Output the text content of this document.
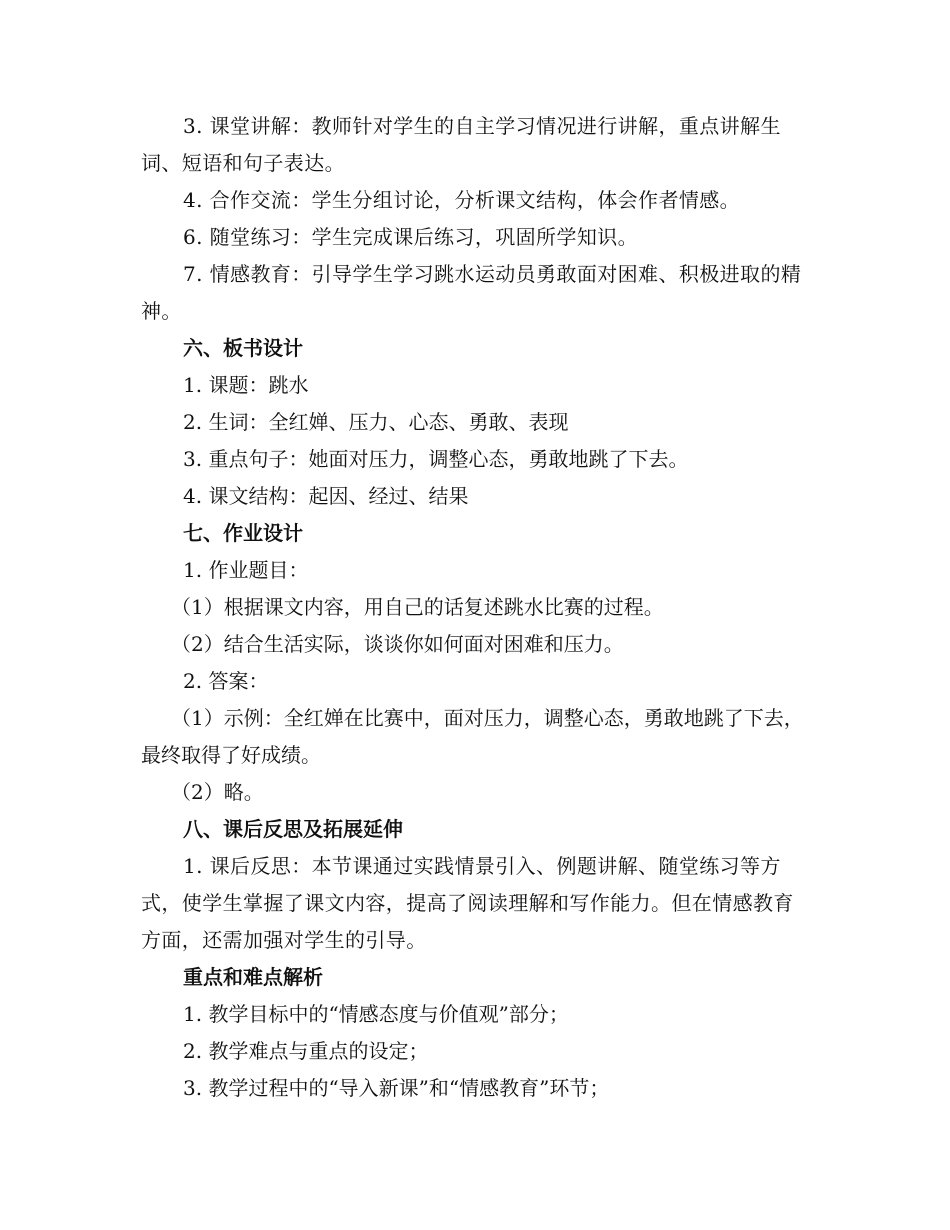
3. 课堂讲解：教师针对学生的自主学习情况进行讲解，重点讲解生词、短语和句子表达。

4. 合作交流：学生分组讨论，分析课文结构，体会作者情感。

6. 随堂练习：学生完成课后练习，巩固所学知识。

7. 情感教育：引导学生学习跳水运动员勇敢面对困难、积极进取的精神。

六、板书设计

1. 课题：跳水

2. 生词：全红婵、压力、心态、勇敢、表现

3. 重点句子：她面对压力，调整心态，勇敢地跳了下去。

4. 课文结构：起因、经过、结果

七、作业设计

1. 作业题目：

（1）根据课文内容，用自己的话复述跳水比赛的过程。

（2）结合生活实际，谈谈你如何面对困难和压力。

2. 答案：

（1）示例：全红婵在比赛中，面对压力，调整心态，勇敢地跳了下去，最终取得了好成绩。

（2）略。

八、课后反思及拓展延伸

1. 课后反思：本节课通过实践情景引入、例题讲解、随堂练习等方式，使学生掌握了课文内容，提高了阅读理解和写作能力。但在情感教育方面，还需加强对学生的引导。

重点和难点解析

1. 教学目标中的“情感态度与价值观”部分；

2. 教学难点与重点的设定；

3. 教学过程中的“导入新课”和“情感教育”环节；
